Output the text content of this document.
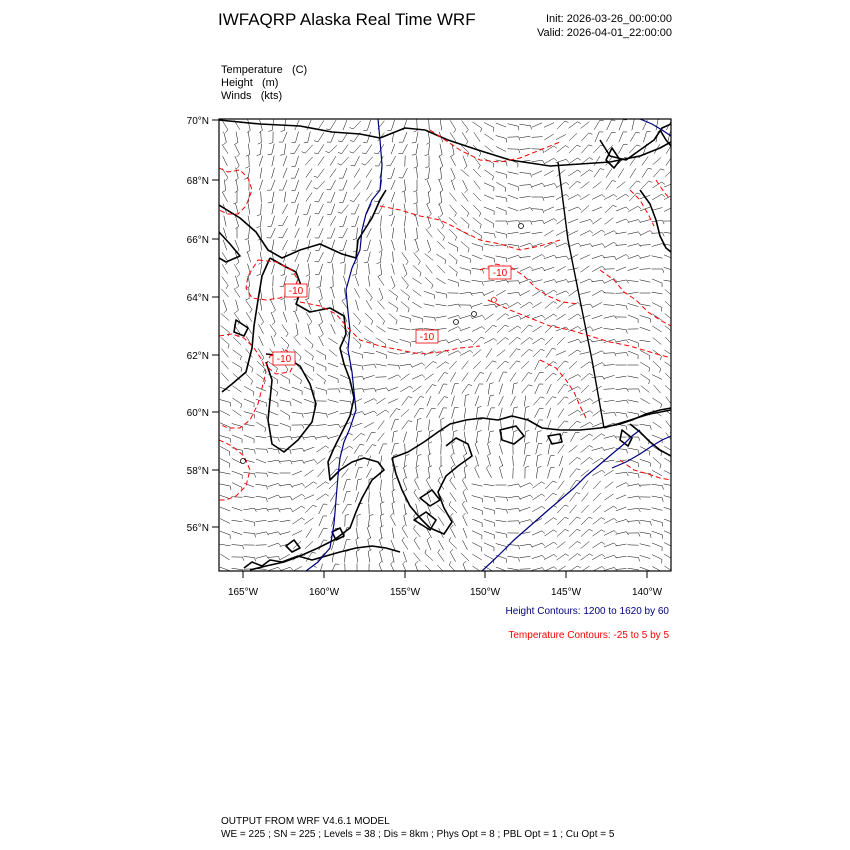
IWFAQRP Alaska Real Time WRF	Init: 2026-03-26_00:00:00
Valid: 2026-04-01_22:00:00
Temperature (C)
Height (m)
Winds (kts)
-10
-10
-10
-10
70°N
68°N
66°N
64°N
62°N
60°N
58°N
56°N
165°W	160°W	155°W	150°W	145°W	140°W
Height Contours: 1200 to 1620 by 60
Temperature Contours: -25 to 5 by 5
OUTPUT FROM WRF V4.6.1 MODEL
WE = 225 ; SN = 225 ; Levels = 38 ; Dis = 8km ; Phys Opt = 8 ; PBL Opt = 1 ; Cu Opt = 5
